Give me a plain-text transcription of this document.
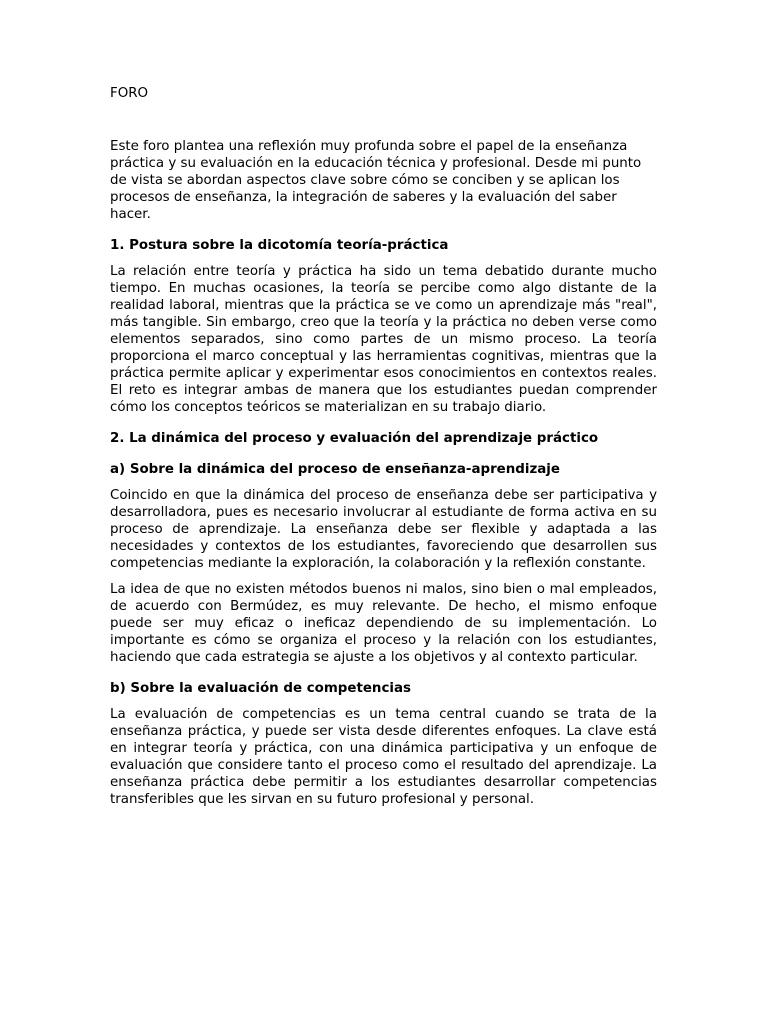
FORO

Este foro plantea una reflexión muy profunda sobre el papel de la enseñanza práctica y su evaluación en la educación técnica y profesional. Desde mi punto de vista se abordan aspectos clave sobre cómo se conciben y se aplican los procesos de enseñanza, la integración de saberes y la evaluación del saber hacer.

1. Postura sobre la dicotomía teoría-práctica

La relación entre teoría y práctica ha sido un tema debatido durante mucho tiempo. En muchas ocasiones, la teoría se percibe como algo distante de la realidad laboral, mientras que la práctica se ve como un aprendizaje más "real", más tangible. Sin embargo, creo que la teoría y la práctica no deben verse como elementos separados, sino como partes de un mismo proceso. La teoría proporciona el marco conceptual y las herramientas cognitivas, mientras que la práctica permite aplicar y experimentar esos conocimientos en contextos reales. El reto es integrar ambas de manera que los estudiantes puedan comprender cómo los conceptos teóricos se materializan en su trabajo diario.

2. La dinámica del proceso y evaluación del aprendizaje práctico

a) Sobre la dinámica del proceso de enseñanza-aprendizaje

Coincido en que la dinámica del proceso de enseñanza debe ser participativa y desarrolladora, pues es necesario involucrar al estudiante de forma activa en su proceso de aprendizaje. La enseñanza debe ser flexible y adaptada a las necesidades y contextos de los estudiantes, favoreciendo que desarrollen sus competencias mediante la exploración, la colaboración y la reflexión constante.

La idea de que no existen métodos buenos ni malos, sino bien o mal empleados, de acuerdo con Bermúdez, es muy relevante. De hecho, el mismo enfoque puede ser muy eficaz o ineficaz dependiendo de su implementación. Lo importante es cómo se organiza el proceso y la relación con los estudiantes, haciendo que cada estrategia se ajuste a los objetivos y al contexto particular.

b) Sobre la evaluación de competencias

La evaluación de competencias es un tema central cuando se trata de la enseñanza práctica, y puede ser vista desde diferentes enfoques. La clave está en integrar teoría y práctica, con una dinámica participativa y un enfoque de evaluación que considere tanto el proceso como el resultado del aprendizaje. La enseñanza práctica debe permitir a los estudiantes desarrollar competencias transferibles que les sirvan en su futuro profesional y personal.
